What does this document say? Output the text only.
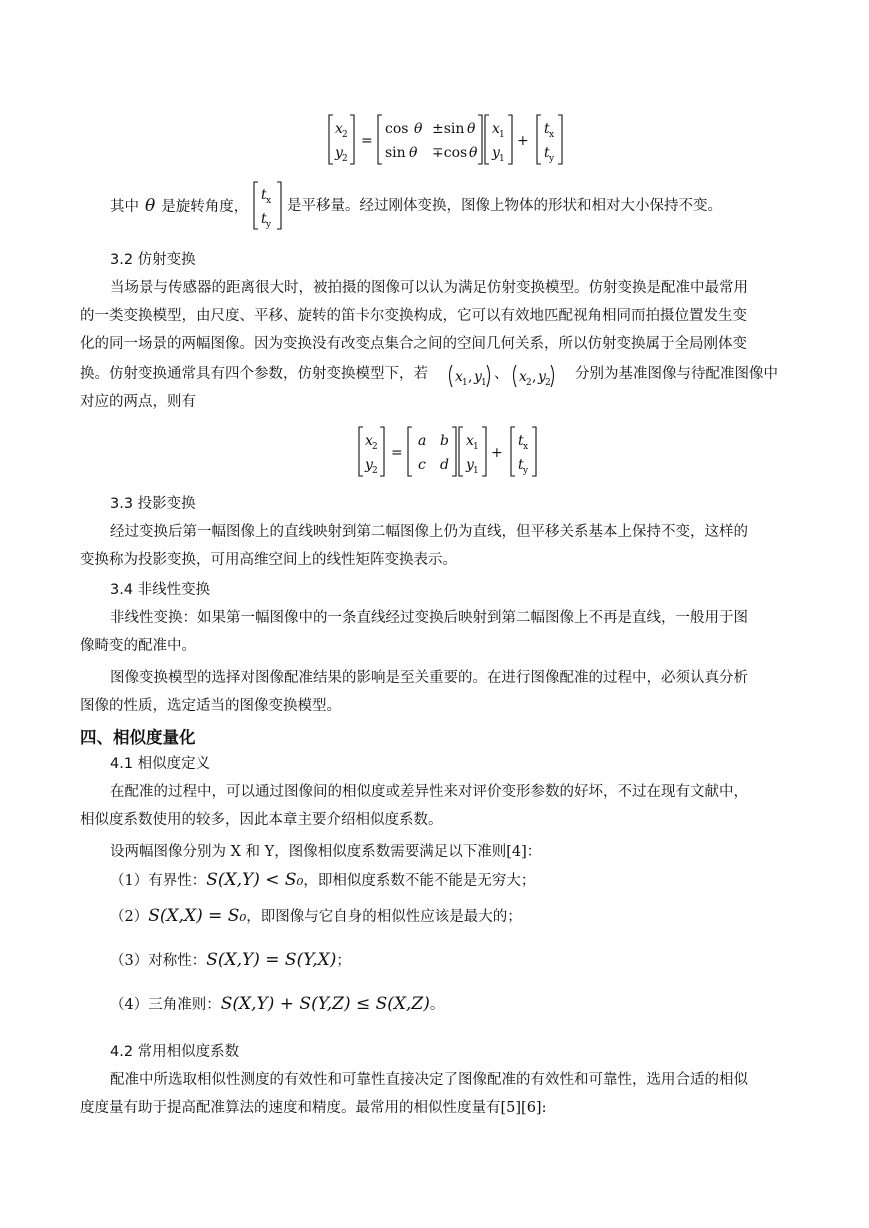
x 2
y 2
=
cos θ ±sin θ
sin θ ∓cos θ
x 1
y 1
+
t x
t y
其中 θ 是旋转角度，
t x
t y
是平移量。经过刚体变换，图像上物体的形状和相对大小保持不变。
3.2 仿射变换
当场景与传感器的距离很大时，被拍摄的图像可以认为满足仿射变换模型。仿射变换是配准中最常用
的一类变换模型，由尺度、平移、旋转的笛卡尔变换构成，它可以有效地匹配视角相同而拍摄位置发生变
化的同一场景的两幅图像。因为变换没有改变点集合之间的空间几何关系，所以仿射变换属于全局刚体变
换。仿射变换通常具有四个参数，仿射变换模型下，若 x 1 , y 1 x 2 , y 2
、	分别为基准图像与待配准图像中
对应的两点，则有
x 2
y 2
=
a b
c d
x 1
y 1
+
t x
t y
3.3 投影变换
经过变换后第一幅图像上的直线映射到第二幅图像上仍为直线，但平移关系基本上保持不变，这样的
变换称为投影变换，可用高维空间上的线性矩阵变换表示。
3.4 非线性变换
非线性变换：如果第一幅图像中的一条直线经过变换后映射到第二幅图像上不再是直线，一般用于图
像畸变的配准中。
图像变换模型的选择对图像配准结果的影响是至关重要的。在进行图像配准的过程中，必须认真分析
图像的性质，选定适当的图像变换模型。
四、相似度量化
4.1 相似度定义
在配准的过程中，可以通过图像间的相似度或差异性来对评价变形参数的好坏，不过在现有文献中，
相似度系数使用的较多，因此本章主要介绍相似度系数。
设两幅图像分别为 X 和 Y，图像相似度系数需要满足以下准则[4]：
（1）有界性：S(X,Y) < S₀，即相似度系数不能不能是无穷大；
（2）S(X,X) = S₀，即图像与它自身的相似性应该是最大的；
（3）对称性：S(X,Y) = S(Y,X)；
（4）三角准则：S(X,Y) + S(Y,Z) ≤ S(X,Z)。
4.2 常用相似度系数
配准中所选取相似性测度的有效性和可靠性直接决定了图像配准的有效性和可靠性，选用合适的相似
度度量有助于提高配准算法的速度和精度。最常用的相似性度量有[5][6]:
